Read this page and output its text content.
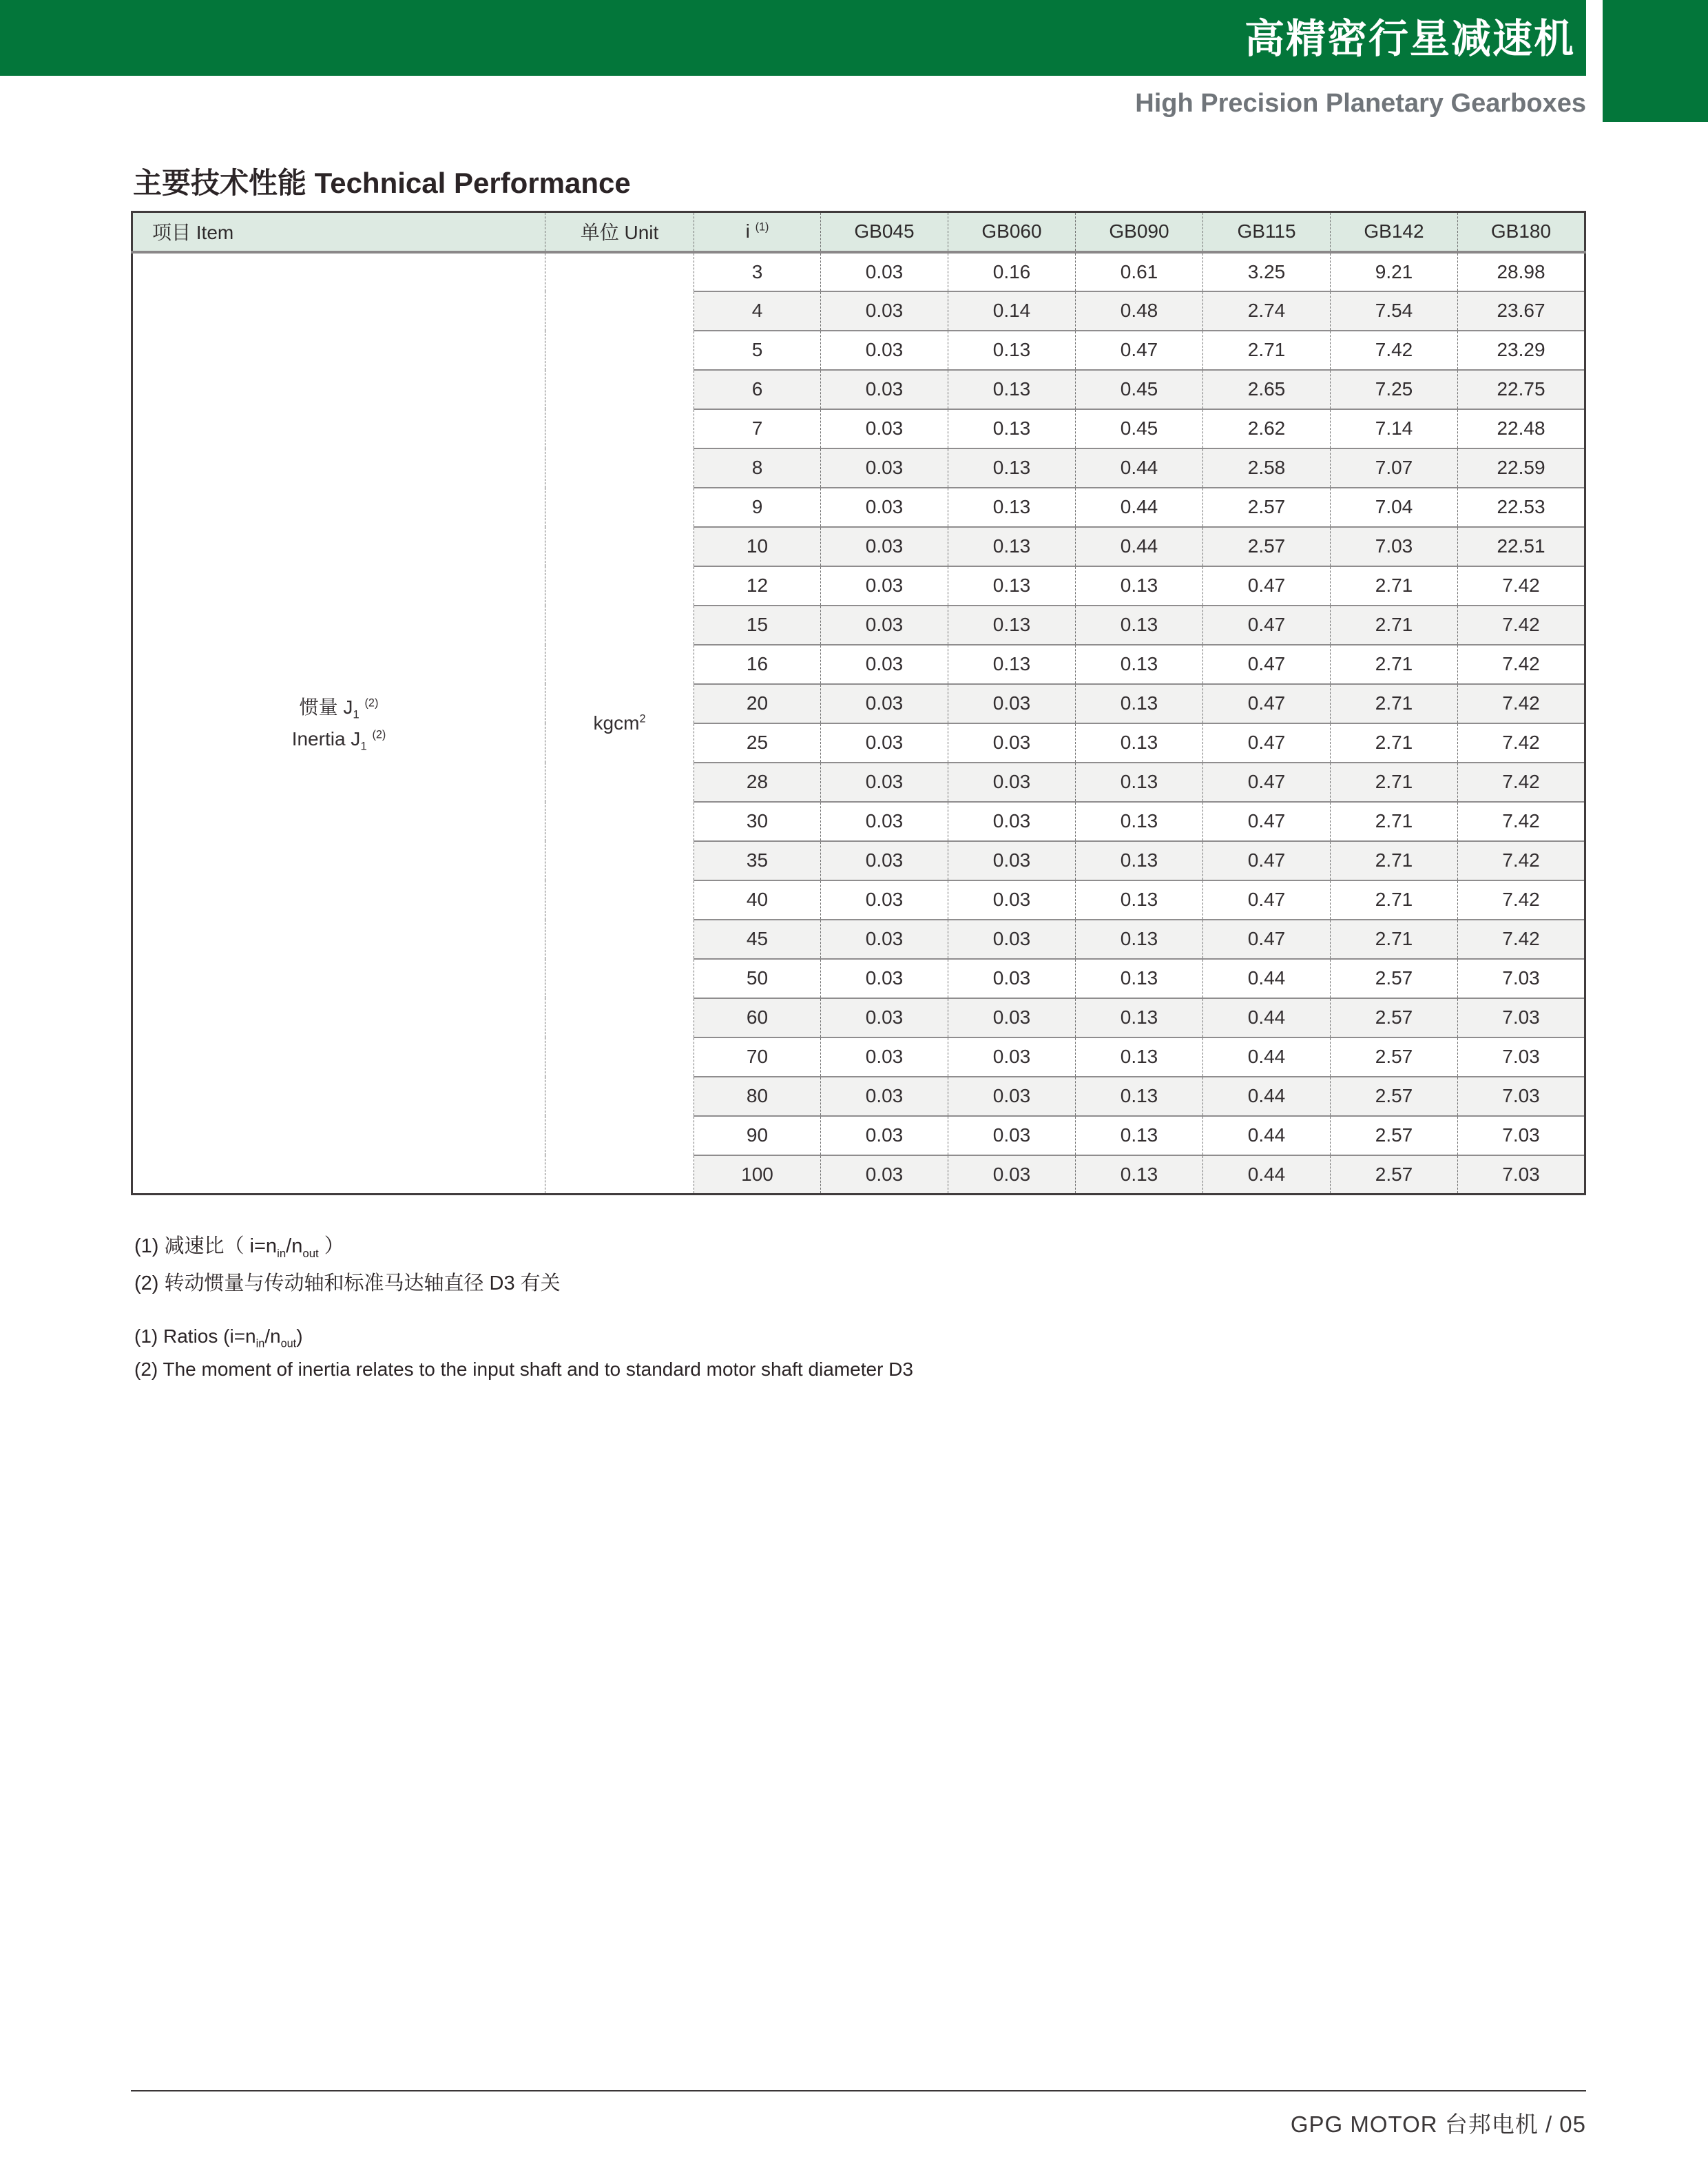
高精密行星减速机
High Precision Planetary Gearboxes
主要技术性能 Technical Performance
项目 Item	单位 Unit	i $^{(1)}$	GB045	GB060	GB090	GB115	GB142	GB180

惯量 $J_1$ $^{(2)}$
Inertia $J_1$ $^{(2)}$	kgcm$^2$	3	0.03	0.16	0.61	3.25	9.21	28.98
		4	0.03	0.14	0.48	2.74	7.54	23.67
		5	0.03	0.13	0.47	2.71	7.42	23.29
		6	0.03	0.13	0.45	2.65	7.25	22.75
		7	0.03	0.13	0.45	2.62	7.14	22.48
		8	0.03	0.13	0.44	2.58	7.07	22.59
		9	0.03	0.13	0.44	2.57	7.04	22.53
		10	0.03	0.13	0.44	2.57	7.03	22.51
		12	0.03	0.13	0.13	0.47	2.71	7.42
		15	0.03	0.13	0.13	0.47	2.71	7.42
		16	0.03	0.13	0.13	0.47	2.71	7.42
		20	0.03	0.03	0.13	0.47	2.71	7.42
		25	0.03	0.03	0.13	0.47	2.71	7.42
		28	0.03	0.03	0.13	0.47	2.71	7.42
		30	0.03	0.03	0.13	0.47	2.71	7.42
		35	0.03	0.03	0.13	0.47	2.71	7.42
		40	0.03	0.03	0.13	0.47	2.71	7.42
		45	0.03	0.03	0.13	0.47	2.71	7.42
		50	0.03	0.03	0.13	0.44	2.57	7.03
		60	0.03	0.03	0.13	0.44	2.57	7.03
		70	0.03	0.03	0.13	0.44	2.57	7.03
		80	0.03	0.03	0.13	0.44	2.57	7.03
		90	0.03	0.03	0.13	0.44	2.57	7.03
		100	0.03	0.03	0.13	0.44	2.57	7.03
(1) 减速比（ $i=n_{in}/n_{out}$ ）
(2) 转动惯量与传动轴和标准马达轴直径 D3 有关
(1) Ratios $(i=n_{in}/n_{out})$
(2) The moment of inertia relates to the input shaft and to standard motor shaft diameter D3
GPG MOTOR 台邦电机 / 05
